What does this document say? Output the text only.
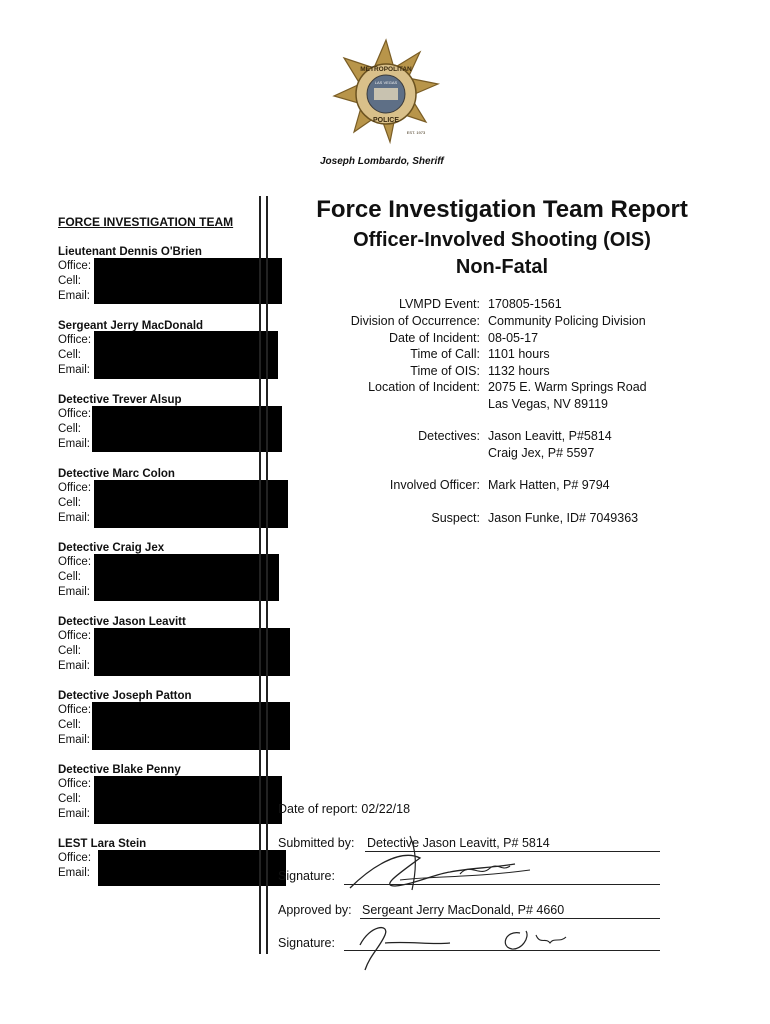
METROPOLITAN
LAS VEGAS
POLICE
EST. 1973
Joseph Lombardo, Sheriff
FORCE INVESTIGATION TEAM
Lieutenant Dennis O'Brien
Office:
Cell:
Email:
Sergeant Jerry MacDonald
Office:
Cell:
Email:
Detective Trever Alsup
Office:
Cell:
Email:
Detective Marc Colon
Office:
Cell:
Email:
Detective Craig Jex
Office:
Cell:
Email:
Detective Jason Leavitt
Office:
Cell:
Email:
Detective Joseph Patton
Office:
Cell:
Email:
Detective Blake Penny
Office:
Cell:
Email:
LEST Lara Stein
Office:
Email:
Force Investigation Team Report
Officer-Involved Shooting (OIS)
Non-Fatal
LVMPD Event: 170805-1561
Division of Occurrence: Community Policing Division
Date of Incident: 08-05-17
Time of Call: 1101 hours
Time of OIS: 1132 hours
Location of Incident: 2075 E. Warm Springs Road
Las Vegas, NV 89119
Detectives: Jason Leavitt, P#5814
Craig Jex, P# 5597
Involved Officer: Mark Hatten, P# 9794
Suspect: Jason Funke, ID# 7049363
Date of report: 02/22/18
Submitted by: Detective Jason Leavitt, P# 5814
Signature:
Approved by: Sergeant Jerry MacDonald, P# 4660
Signature:
